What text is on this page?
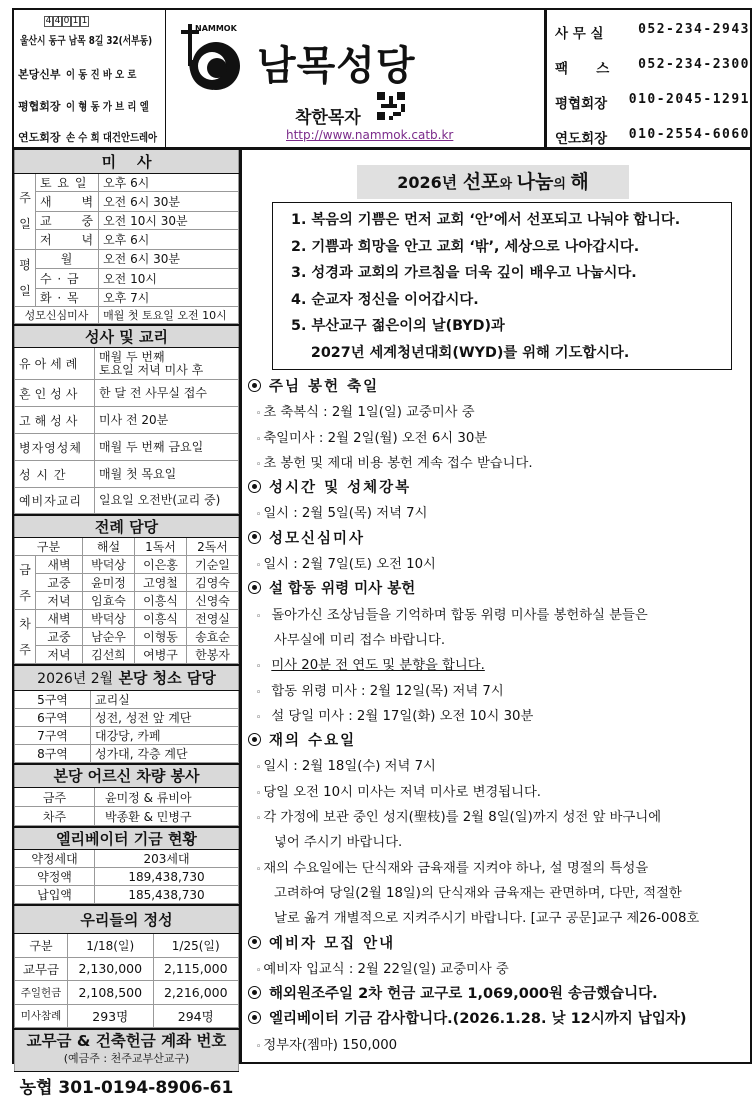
4 4 0 1 1
울산시 동구 남목 8길 32(서부동)
본당신부 이 동 진 바 오 로
평협회장 이 형 동 가 브 리 엘
연도회장 손 수 희 대건안드레아
NAMMOK
남목성당
착한목자
http://www.nammok.catb.kr
사 무 실	052-234-2943
팩      스 052-234-2300
평협회장 010-2045-1291
연도회장 010-2554-6060
미    사		
주일	토 요 일	오후 6시
	새      벽	오전 6시 30분
	교      중	오전 10시 30분
	저      녁	오후 6시
평일	월	오전 6시 30분
	수 · 금	오전 10시
	화 · 목	오후 7시
성모신심미사		매월 첫 토요일 오전 10시
성사 및 교리	
유아세례	매월 두 번째
토요일 저녁 미사 후
혼인성사	한 달 전 사무실 접수
고해성사	미사 전 20분
병자영성체	매월 두 번째 금요일
성 시 간	매월 첫 목요일
예비자교리	일요일 오전반(교리 중)
전례 담당				
구분		해설	1독서	2독서
금주	새벽	박덕상	이은홍	기순일
	교중	윤미정	고영철	김영숙
	저녁	임효숙	이흥식	신영숙
차주	새벽	박덕상	이흥식	전영실
	교중	남순우	이형동	송효순
	저녁	김선희	여병구	한봉자
2026년 2월 본당 청소 담당	
5구역	교리실
6구역	성전, 성전 앞 계단
7구역	대강당, 카페
8구역	성가대, 각층 계단
본당 어르신 차량 봉사	
금주	윤미정 & 류비아
차주	박종환 & 민병구
엘리베이터 기금 현황	
약정세대	203세대
약정액	189,438,730
납입액	185,438,730
우리들의 정성		
구분	1/18(일)	1/25(일)
교무금	2,130,000	2,115,000
주일헌금	2,108,500	2,216,000
미사참례	293명	294명
교무금 & 건축헌금 계좌 번호
(예금주 : 천주교부산교구)

농협 301-0194-8906-61
2026년 선포와 나눔의 해
1. 복음의 기쁨은 먼저 교회 ‘안’에서 선포되고 나눠야 합니다.
2. 기쁨과 희망을 안고 교회 ‘밖’, 세상으로 나아갑시다.
3. 성경과 교회의 가르침을 더욱 깊이 배우고 나눕시다.
4. 순교자 정신을 이어갑시다.
5. 부산교구 젊은이의 날(BYD)과
2027년 세계청년대회(WYD)를 위해 기도합시다.
주님 봉헌 축일
◦ 초 축복식 : 2월 1일(일) 교중미사 중
◦ 축일미사 : 2월 2일(월) 오전 6시 30분
◦ 초 봉헌 및 제대 비용 봉헌 계속 접수 받습니다.
성시간 및 성체강복
◦ 일시 : 2월 5일(목) 저녁 7시
성모신심미사
◦ 일시 : 2월 7일(토) 오전 10시
설 합동 위령 미사 봉헌
◦ 돌아가신 조상님들을 기억하며 합동 위령 미사를 봉헌하실 분들은
사무실에 미리 접수 바랍니다.
◦ 미사 20분 전 연도 및 분향을 합니다.
◦ 합동 위령 미사 : 2월 12일(목) 저녁 7시
◦ 설 당일 미사 : 2월 17일(화) 오전 10시 30분
재의 수요일
◦ 일시 : 2월 18일(수) 저녁 7시
◦ 당일 오전 10시 미사는 저녁 미사로 변경됩니다.
◦ 각 가정에 보관 중인 성지(聖枝)를 2월 8일(일)까지 성전 앞 바구니에
넣어 주시기 바랍니다.
◦ 재의 수요일에는 단식재와 금육재를 지켜야 하나, 설 명절의 특성을
고려하여 당일(2월 18일)의 단식재와 금육재는 관면하며, 다만, 적절한
날로 옮겨 개별적으로 지켜주시기 바랍니다. [교구 공문]교구 제26-008호
예비자 모집 안내
◦ 예비자 입교식 : 2월 22일(일) 교중미사 중
해외원조주일 2차 헌금 교구로 1,069,000원 송금했습니다.
엘리베이터 기금 감사합니다.(2026.1.28. 낮 12시까지 납입자)
◦ 정부자(젬마) 150,000
